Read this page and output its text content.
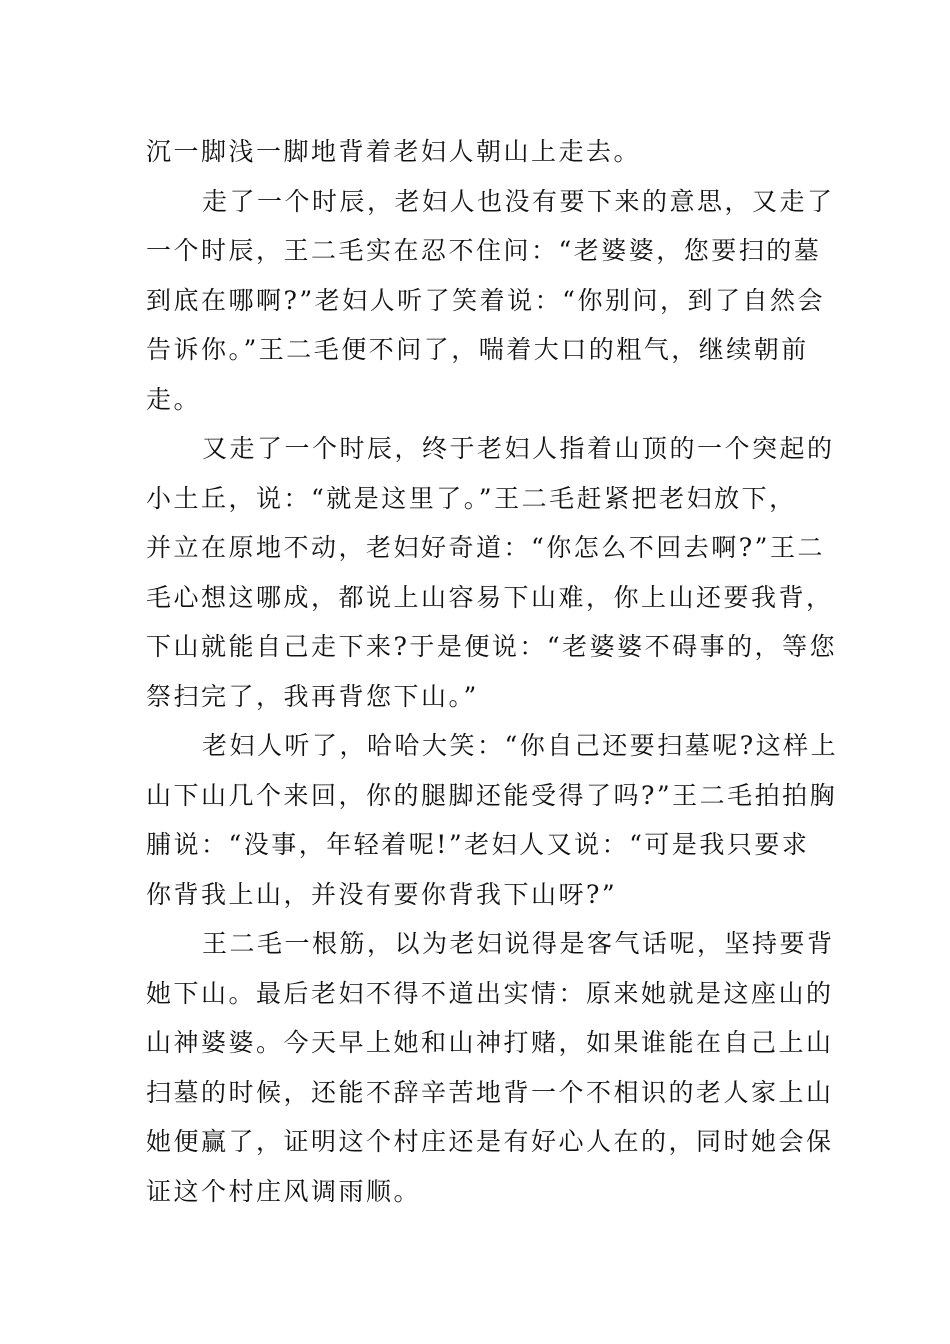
沉一脚浅一脚地背着老妇人朝山上走去。
走了一个时辰，老妇人也没有要下来的意思，又走了
一个时辰，王二毛实在忍不住问：“老婆婆，您要扫的墓
到底在哪啊?”老妇人听了笑着说：“你别问，到了自然会
告诉你。”王二毛便不问了，喘着大口的粗气，继续朝前
走。
又走了一个时辰，终于老妇人指着山顶的一个突起的
小土丘，说：“就是这里了。”王二毛赶紧把老妇放下，
并立在原地不动，老妇好奇道：“你怎么不回去啊?”王二
毛心想这哪成，都说上山容易下山难，你上山还要我背，
下山就能自己走下来?于是便说：“老婆婆不碍事的，等您
祭扫完了，我再背您下山。”
老妇人听了，哈哈大笑：“你自己还要扫墓呢?这样上
山下山几个来回，你的腿脚还能受得了吗?”王二毛拍拍胸
脯说：“没事，年轻着呢!”老妇人又说：“可是我只要求
你背我上山，并没有要你背我下山呀?”
王二毛一根筋，以为老妇说得是客气话呢，坚持要背
她下山。最后老妇不得不道出实情：原来她就是这座山的
山神婆婆。今天早上她和山神打赌，如果谁能在自己上山
扫墓的时候，还能不辞辛苦地背一个不相识的老人家上山
她便赢了，证明这个村庄还是有好心人在的，同时她会保
证这个村庄风调雨顺。
